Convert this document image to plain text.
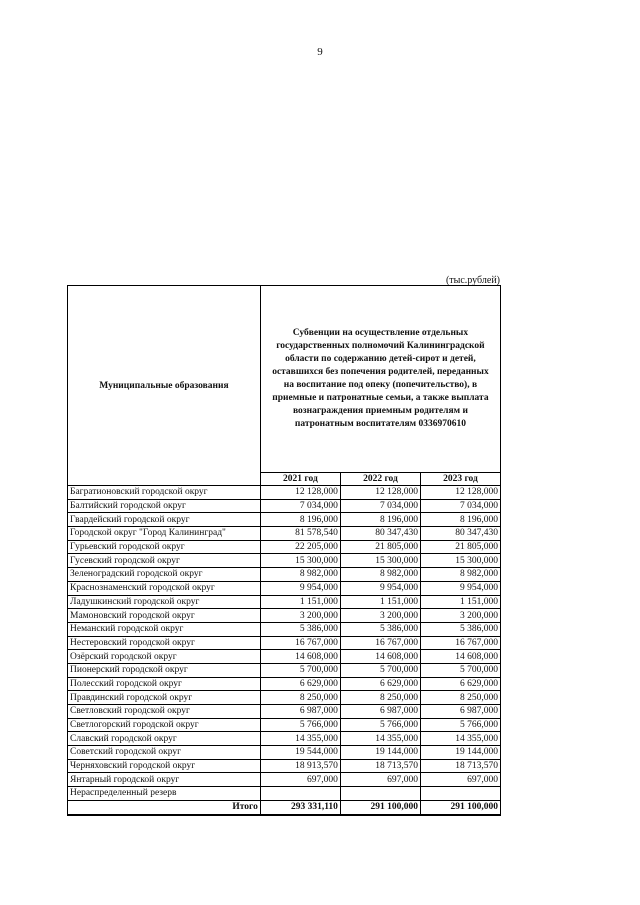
9
(тыс.рублей)
Муниципальные образования	Субвенции на осуществление отдельных государственных полномочий Калининградской области по содержанию детей-сирот и детей, оставшихся без попечения родителей, переданных на воспитание под опеку (попечительство), в приемные и патронатные семьи, а также выплата вознаграждения приемным родителям и патронатным воспитателям 0336970610		
	2021 год	2022 год	2023 год
Багратионовский городской округ	12 128,000	12 128,000	12 128,000
Балтийский городской округ	7 034,000	7 034,000	7 034,000
Гвардейский городской округ	8 196,000	8 196,000	8 196,000
Городской округ "Город Калининград"	81 578,540	80 347,430	80 347,430
Гурьевский городской округ	22 205,000	21 805,000	21 805,000
Гусевский городской округ	15 300,000	15 300,000	15 300,000
Зеленоградский городской округ	8 982,000	8 982,000	8 982,000
Краснознаменский городской округ	9 954,000	9 954,000	9 954,000
Ладушкинский городской округ	1 151,000	1 151,000	1 151,000
Мамоновский городской округ	3 200,000	3 200,000	3 200,000
Неманский городской округ	5 386,000	5 386,000	5 386,000
Нестеровский городской округ	16 767,000	16 767,000	16 767,000
Озёрский городской округ	14 608,000	14 608,000	14 608,000
Пионерский городской округ	5 700,000	5 700,000	5 700,000
Полесский городской округ	6 629,000	6 629,000	6 629,000
Правдинский городской округ	8 250,000	8 250,000	8 250,000
Светловский городской округ	6 987,000	6 987,000	6 987,000
Светлогорский городской округ	5 766,000	5 766,000	5 766,000
Славский городской округ	14 355,000	14 355,000	14 355,000
Советский городской округ	19 544,000	19 144,000	19 144,000
Черняховский городской округ	18 913,570	18 713,570	18 713,570
Янтарный городской округ	697,000	697,000	697,000
Нераспределенный резерв			
Итого	293 331,110	291 100,000	291 100,000
